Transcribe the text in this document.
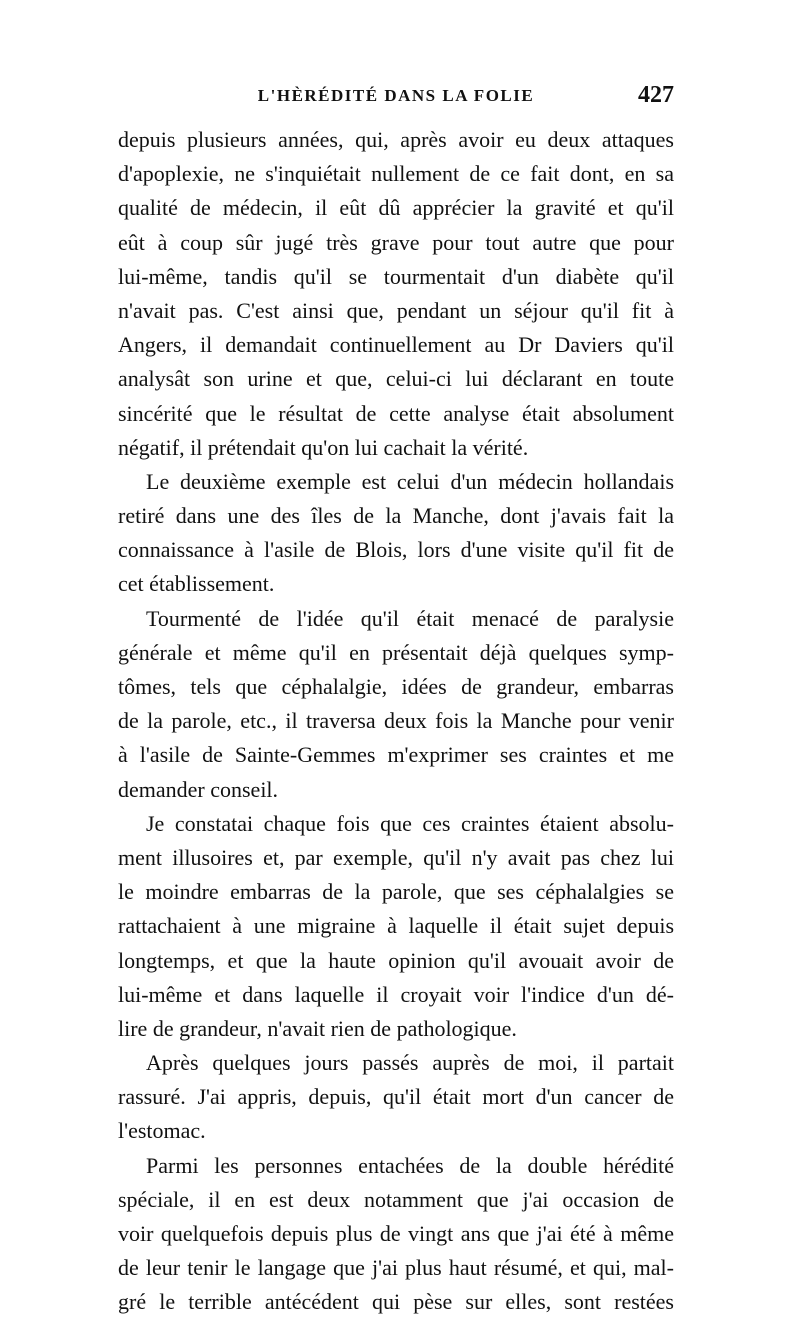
L'HÈRÉDITÉ DANS LA FOLIE	427
depuis plusieurs années, qui, après avoir eu deux attaques
d'apoplexie, ne s'inquiétait nullement de ce fait dont, en sa
qualité de médecin, il eût dû apprécier la gravité et qu'il
eût à coup sûr jugé très grave pour tout autre que pour
lui-même, tandis qu'il se tourmentait d'un diabète qu'il
n'avait pas. C'est ainsi que, pendant un séjour qu'il fit à
Angers, il demandait continuellement au Dr Daviers qu'il
analysât son urine et que, celui-ci lui déclarant en toute
sincérité que le résultat de cette analyse était absolument
négatif, il prétendait qu'on lui cachait la vérité.
Le deuxième exemple est celui d'un médecin hollandais
retiré dans une des îles de la Manche, dont j'avais fait la
connaissance à l'asile de Blois, lors d'une visite qu'il fit de
cet établissement.
Tourmenté de l'idée qu'il était menacé de paralysie
générale et même qu'il en présentait déjà quelques symp-
tômes, tels que céphalalgie, idées de grandeur, embarras
de la parole, etc., il traversa deux fois la Manche pour venir
à l'asile de Sainte-Gemmes m'exprimer ses craintes et me
demander conseil.
Je constatai chaque fois que ces craintes étaient absolu-
ment illusoires et, par exemple, qu'il n'y avait pas chez lui
le moindre embarras de la parole, que ses céphalalgies se
rattachaient à une migraine à laquelle il était sujet depuis
longtemps, et que la haute opinion qu'il avouait avoir de
lui-même et dans laquelle il croyait voir l'indice d'un dé-
lire de grandeur, n'avait rien de pathologique.
Après quelques jours passés auprès de moi, il partait
rassuré. J'ai appris, depuis, qu'il était mort d'un cancer de
l'estomac.
Parmi les personnes entachées de la double hérédité
spéciale, il en est deux notamment que j'ai occasion de
voir quelquefois depuis plus de vingt ans que j'ai été à même
de leur tenir le langage que j'ai plus haut résumé, et qui, mal-
gré le terrible antécédent qui pèse sur elles, sont restées
